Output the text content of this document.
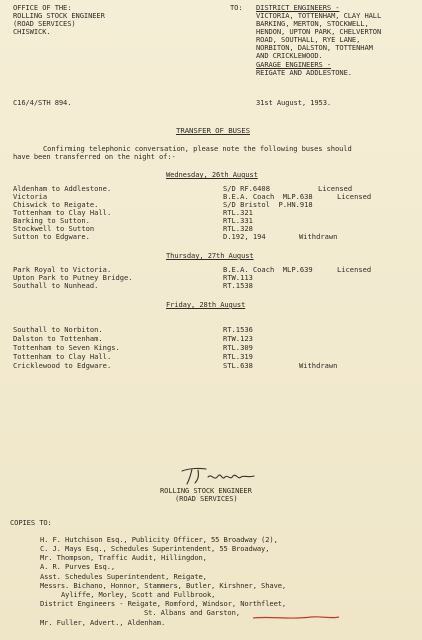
OFFICE OF THE:
ROLLING STOCK ENGINEER
(ROAD SERVICES)
CHISWICK.
TO: DISTRICT ENGINEERS -
VICTORIA, TOTTENHAM, CLAY HALL
BARKING, MERTON, STOCKWELL,
HENDON, UPTON PARK, CHELVERTON
ROAD, SOUTHALL, RYE LANE,
NORBITON, DALSTON, TOTTENHAM
AND CRICKLEWOOD.
GARAGE ENGINEERS -
REIGATE AND ADDLESTONE.
C16/4/STH 894.	31st August, 1953.
TRANSFER OF BUSES
Confirming telephonic conversation, please note the following buses should
have been transferred on the night of:-
Wednesday, 26th August
Aldenham to Addlestone.	S/D RF.6408	Licensed
Victoria	B.E.A. Coach  MLP.638	Licensed
Chiswick to Reigate.	S/D Bristol  P.HN.918
Tottenham to Clay Hall.	RTL.321
Barking to Sutton.	RTL.331
Stockwell to Sutton	RTL.328
Sutton to Edgware.	D.192, 194	Withdrawn
Thursday, 27th August
Park Royal to Victoria.	B.E.A. Coach  MLP.639	Licensed
Upton Park to Putney Bridge.	RTW.113
Southall to Nunhead.	RT.1538
Friday, 28th August
Southall to Norbiton.	RT.1536
Dalston to Tottenham.	RTW.123
Tottenham to Seven Kings.	RTL.309
Tottenham to Clay Hall.	RTL.319
Cricklewood to Edgware.	STL.638	Withdrawn
ROLLING STOCK ENGINEER
(ROAD SERVICES)
COPIES TO:
H. F. Hutchison Esq., Publicity Officer, 55 Broadway (2),
C. J. Mays Esq., Schedules Superintendent, 55 Broadway,
Mr. Thompson, Traffic Audit, Hillingdon,
A. R. Purves Esq.,
Asst. Schedules Superintendent, Reigate,
Messrs. Bichano, Honnor, Stammers, Butler, Kirshner, Shave,
Ayliffe, Morley, Scott and Fullbrook,
District Engineers - Reigate, Romford, Windsor, Northfleet,
St. Albans and Garston,
Mr. Fuller, Advert., Aldenham.
